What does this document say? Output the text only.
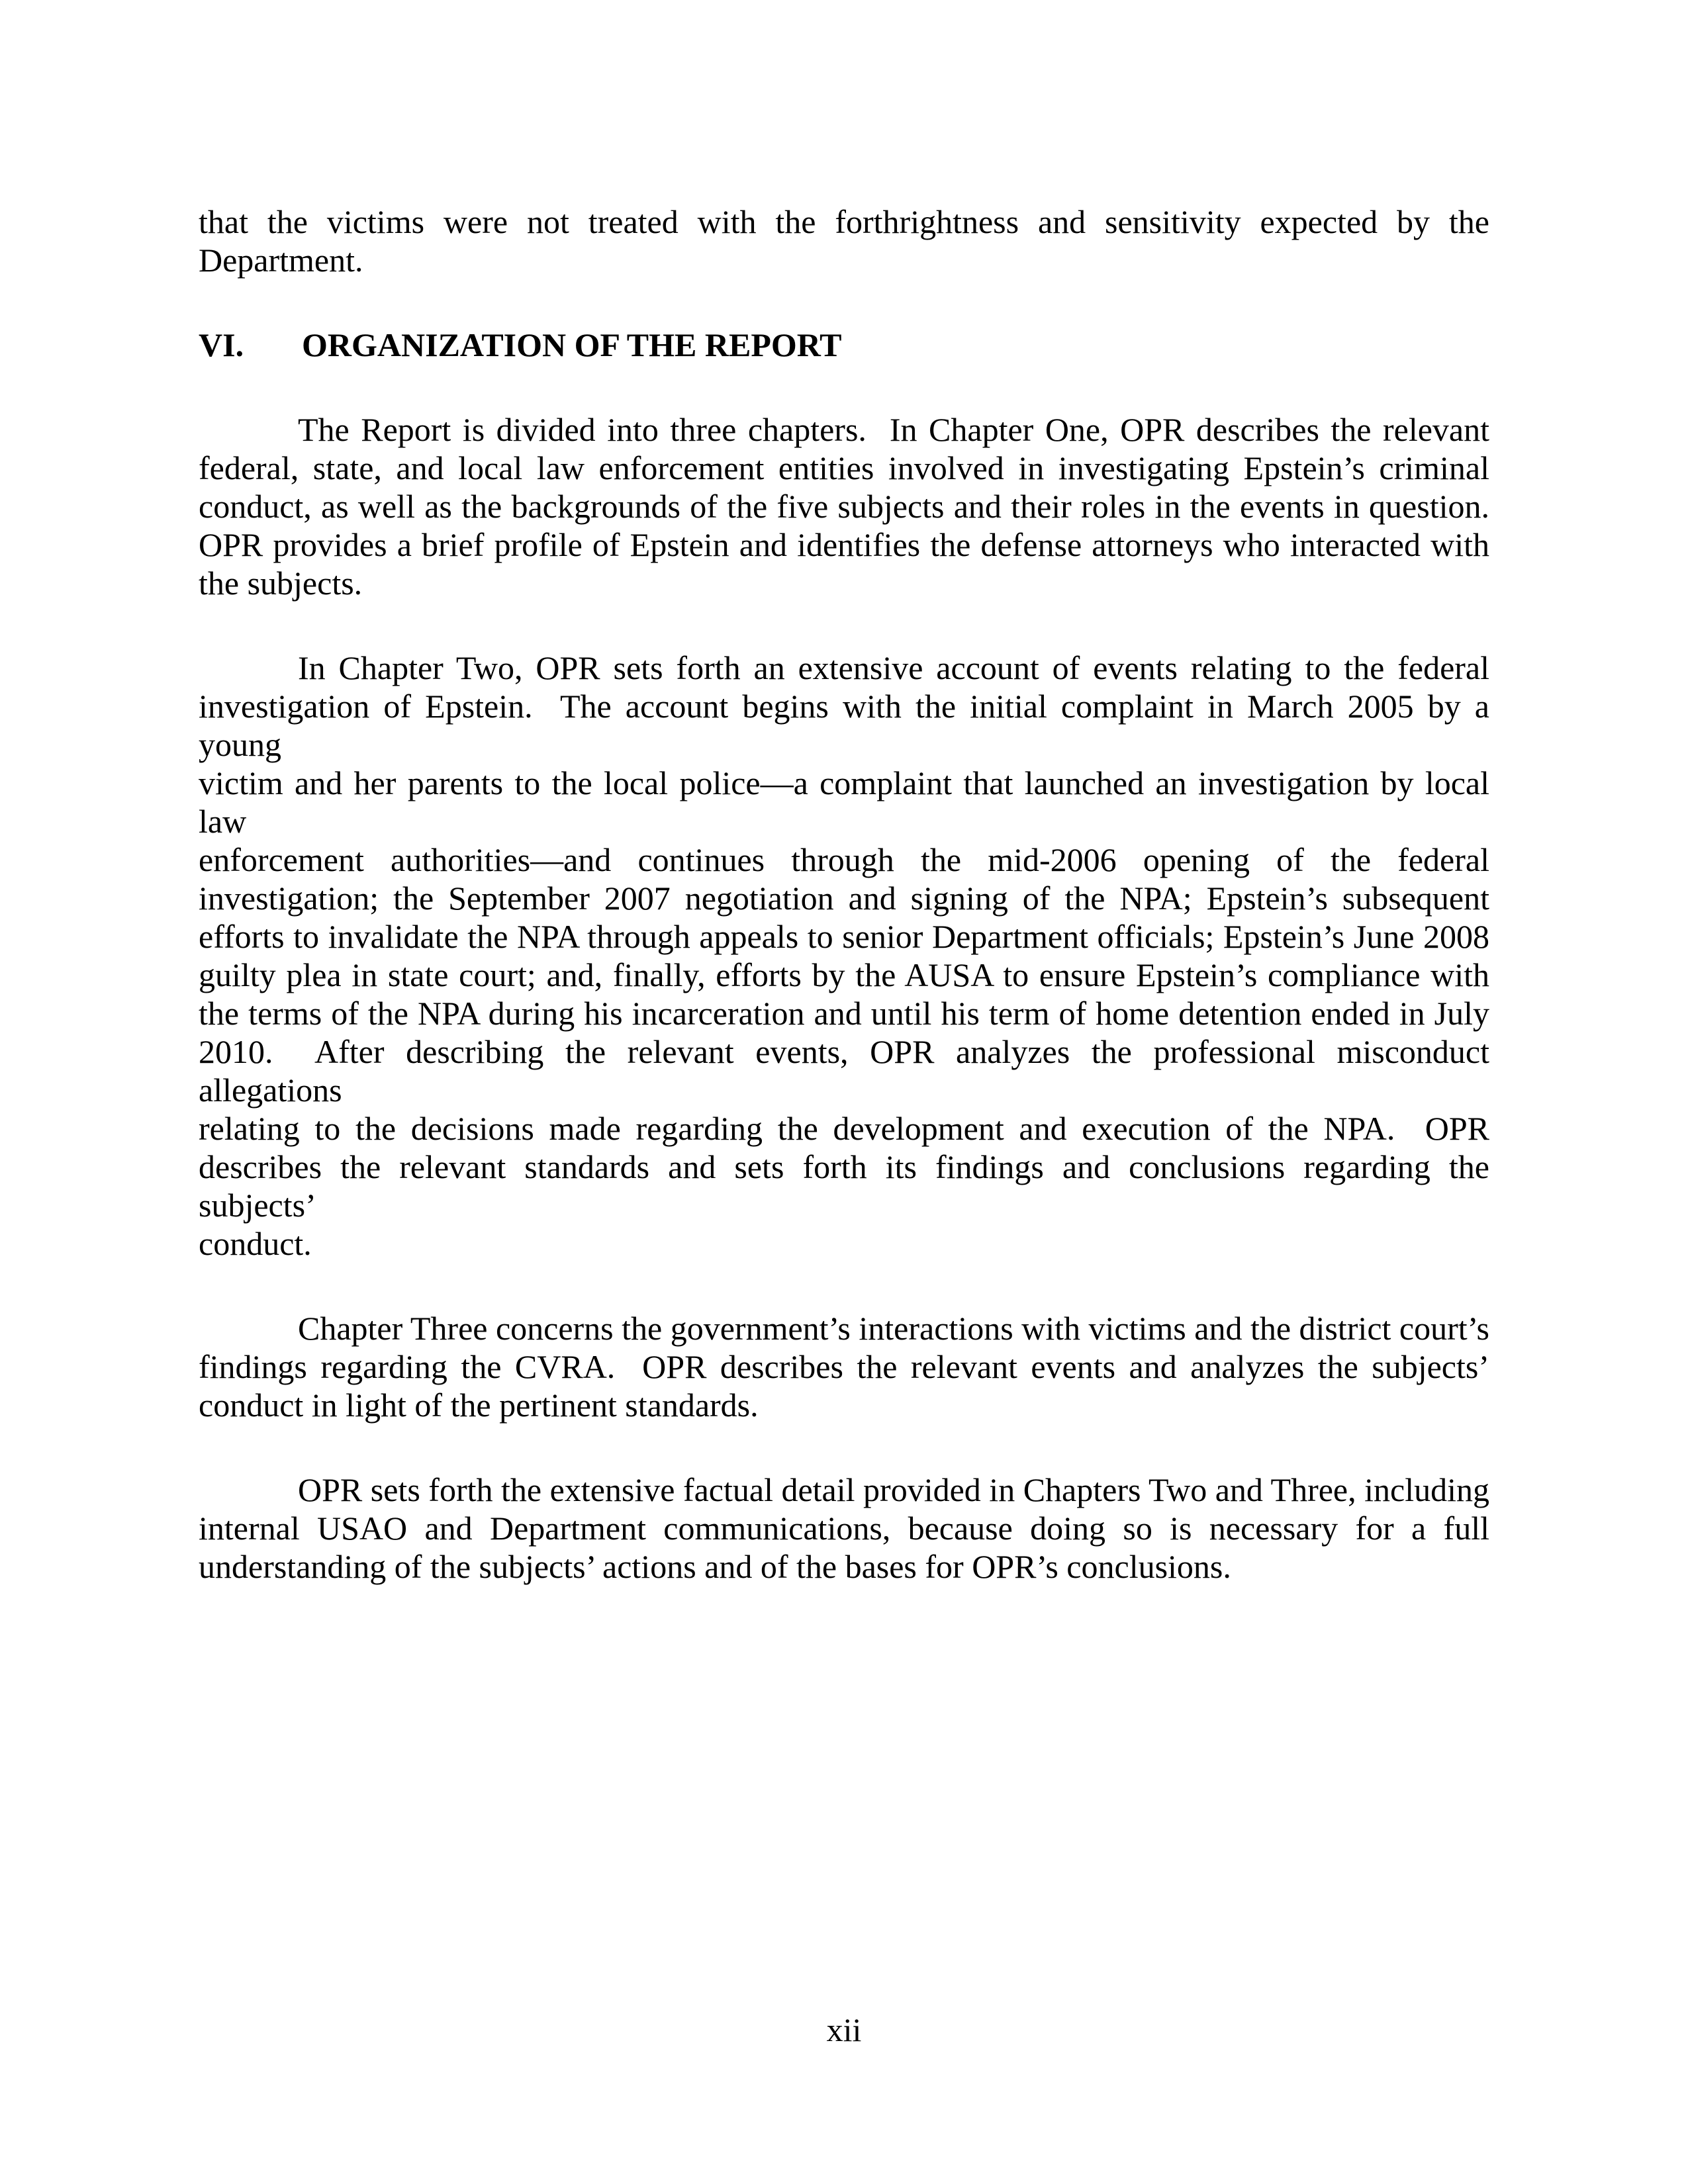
that the victims were not treated with the forthrightness and sensitivity expected by the
Department.

VI. ORGANIZATION OF THE REPORT

The Report is divided into three chapters.  In Chapter One, OPR describes the relevant
federal, state, and local law enforcement entities involved in investigating Epstein’s criminal
conduct, as well as the backgrounds of the five subjects and their roles in the events in question.
OPR provides a brief profile of Epstein and identifies the defense attorneys who interacted with
the subjects.

In Chapter Two, OPR sets forth an extensive account of events relating to the federal
investigation of Epstein.  The account begins with the initial complaint in March 2005 by a young
victim and her parents to the local police—a complaint that launched an investigation by local law
enforcement authorities—and continues through the mid-2006 opening of the federal
investigation; the September 2007 negotiation and signing of the NPA; Epstein’s subsequent
efforts to invalidate the NPA through appeals to senior Department officials; Epstein’s June 2008
guilty plea in state court; and, finally, efforts by the AUSA to ensure Epstein’s compliance with
the terms of the NPA during his incarceration and until his term of home detention ended in July
2010.  After describing the relevant events, OPR analyzes the professional misconduct allegations
relating to the decisions made regarding the development and execution of the NPA.  OPR
describes the relevant standards and sets forth its findings and conclusions regarding the subjects’
conduct.

Chapter Three concerns the government’s interactions with victims and the district court’s
findings regarding the CVRA.  OPR describes the relevant events and analyzes the subjects’
conduct in light of the pertinent standards.

OPR sets forth the extensive factual detail provided in Chapters Two and Three, including
internal USAO and Department communications, because doing so is necessary for a full
understanding of the subjects’ actions and of the bases for OPR’s conclusions.

xii
